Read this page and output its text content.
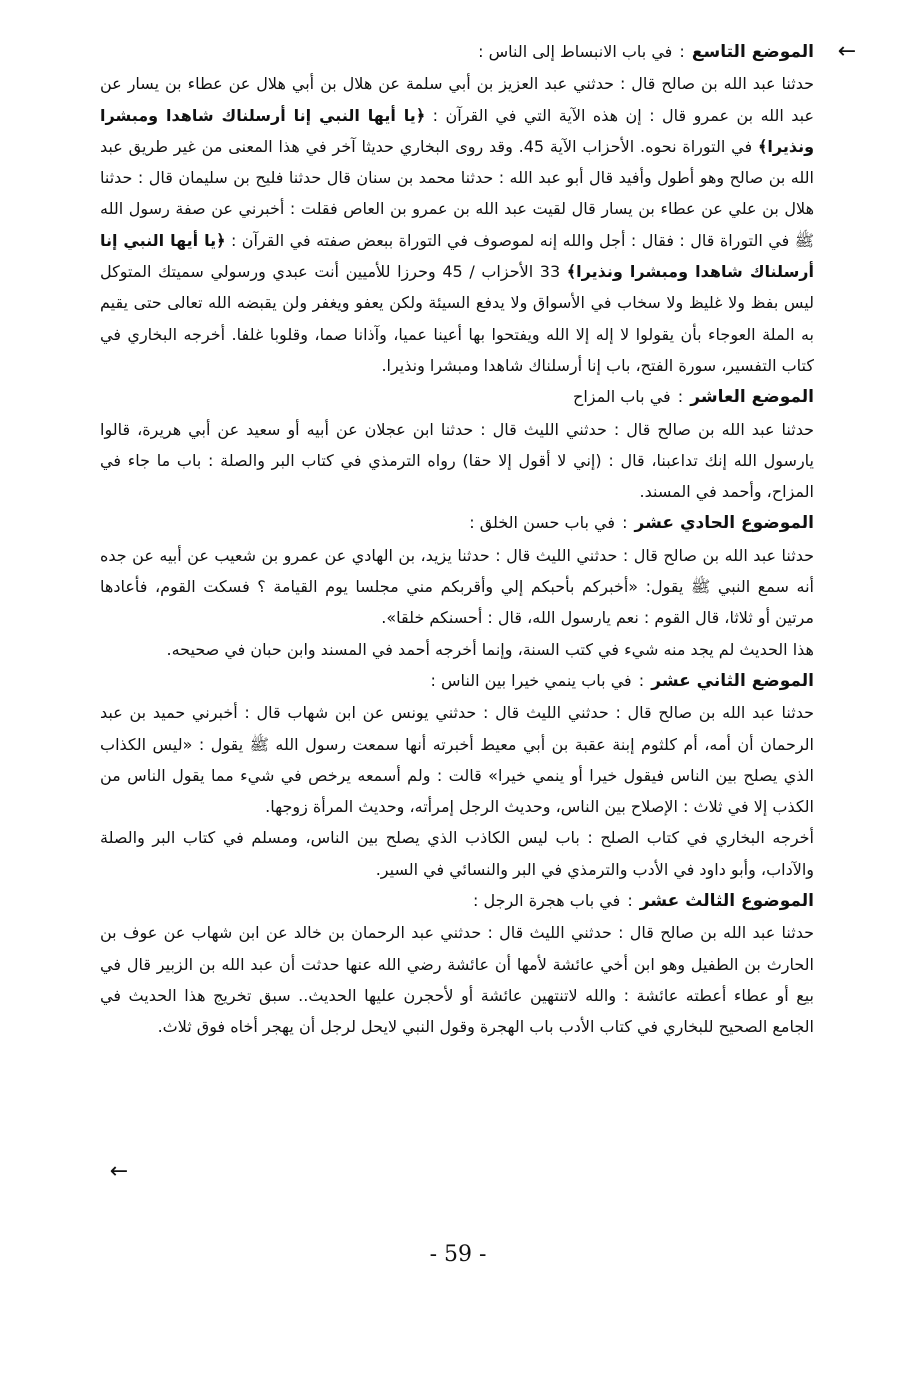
←

الموضع التاسع : في باب الانبساط إلى الناس :

حدثنا عبد الله بن صالح قال : حدثني عبد العزيز بن أبي سلمة عن هلال بن أبي هلال عن عطاء بن يسار عن عبد الله بن عمرو قال : إن هذه الآية التي في القرآن : ﴿يا أيها النبي إنا أرسلناك شاهدا ومبشرا ونذيرا﴾ في التوراة نحوه. الأحزاب الآية 45. وقد روى البخاري حديثا آخر في هذا المعنى من غير طريق عبد الله بن صالح وهو أطول وأفيد قال أبو عبد الله : حدثنا محمد بن سنان قال حدثنا فليح بن سليمان قال : حدثنا هلال بن علي عن عطاء بن يسار قال لقيت عبد الله بن عمرو بن العاص فقلت : أخبرني عن صفة رسول الله ﷺ في التوراة قال : فقال : أجل والله إنه لموصوف في التوراة ببعض صفته في القرآن : ﴿يا أيها النبي إنا أرسلناك شاهدا ومبشرا ونذيرا﴾ 33 الأحزاب / 45 وحرزا للأميين أنت عبدي ورسولي سميتك المتوكل ليس بفظ ولا غليظ ولا سخاب في الأسواق ولا يدفع السيئة ولكن يعفو ويغفر ولن يقبضه الله تعالى حتى يقيم به الملة العوجاء بأن يقولوا لا إله إلا الله ويفتحوا بها أعينا عميا، وآذانا صما، وقلوبا غلفا. أخرجه البخاري في كتاب التفسير، سورة الفتح، باب إنا أرسلناك شاهدا ومبشرا ونذيرا.

الموضع العاشر : في باب المزاح

حدثنا عبد الله بن صالح قال : حدثني الليث قال : حدثنا ابن عجلان عن أبيه أو سعيد عن أبي هريرة، قالوا يارسول الله إنك تداعبنا، قال : (إني لا أقول إلا حقا) رواه الترمذي في كتاب البر والصلة : باب ما جاء في المزاح، وأحمد في المسند.

الموضوع الحادي عشر : في باب حسن الخلق :

حدثنا عبد الله بن صالح قال : حدثني الليث قال : حدثنا يزيد، بن الهادي عن عمرو بن شعيب عن أبيه عن جده أنه سمع النبي ﷺ يقول: «أخبركم بأحبكم إلي وأقربكم مني مجلسا يوم القيامة ؟ فسكت القوم، فأعادها مرتين أو ثلاثا، قال القوم : نعم يارسول الله، قال : أحسنكم خلقا».

هذا الحديث لم يجد منه شيء في كتب السنة، وإنما أخرجه أحمد في المسند وابن حبان في صحيحه.

الموضع الثاني عشر : في باب ينمي خيرا بين الناس :

حدثنا عبد الله بن صالح قال : حدثني الليث قال : حدثني يونس عن ابن شهاب قال : أخبرني حميد بن عبد الرحمان أن أمه، أم كلثوم إبنة عقبة بن أبي معيط أخبرته أنها سمعت رسول الله ﷺ يقول : «ليس الكذاب الذي يصلح بين الناس فيقول خيرا أو ينمي خيرا» قالت : ولم أسمعه يرخص في شيء مما يقول الناس من الكذب إلا في ثلاث : الإصلاح بين الناس، وحديث الرجل إمرأته، وحديث المرأة زوجها.

أخرجه البخاري في كتاب الصلح : باب ليس الكاذب الذي يصلح بين الناس، ومسلم في كتاب البر والصلة والآداب، وأبو داود في الأدب والترمذي في البر والنسائي في السير.

الموضوع الثالث عشر : في باب هجرة الرجل :

حدثنا عبد الله بن صالح قال : حدثني الليث قال : حدثني عبد الرحمان بن خالد عن ابن شهاب عن عوف بن الحارث بن الطفيل وهو ابن أخي عائشة لأمها أن عائشة رضي الله عنها حدثت أن عبد الله بن الزبير قال في بيع أو عطاء أعطته عائشة : والله لاتنتهين عائشة أو لأحجرن عليها الحديث.. سبق تخريج هذا الحديث في الجامع الصحيح للبخاري في كتاب الأدب باب الهجرة وقول النبي لايحل لرجل أن يهجر أخاه فوق ثلاث.

←
- 59 -
